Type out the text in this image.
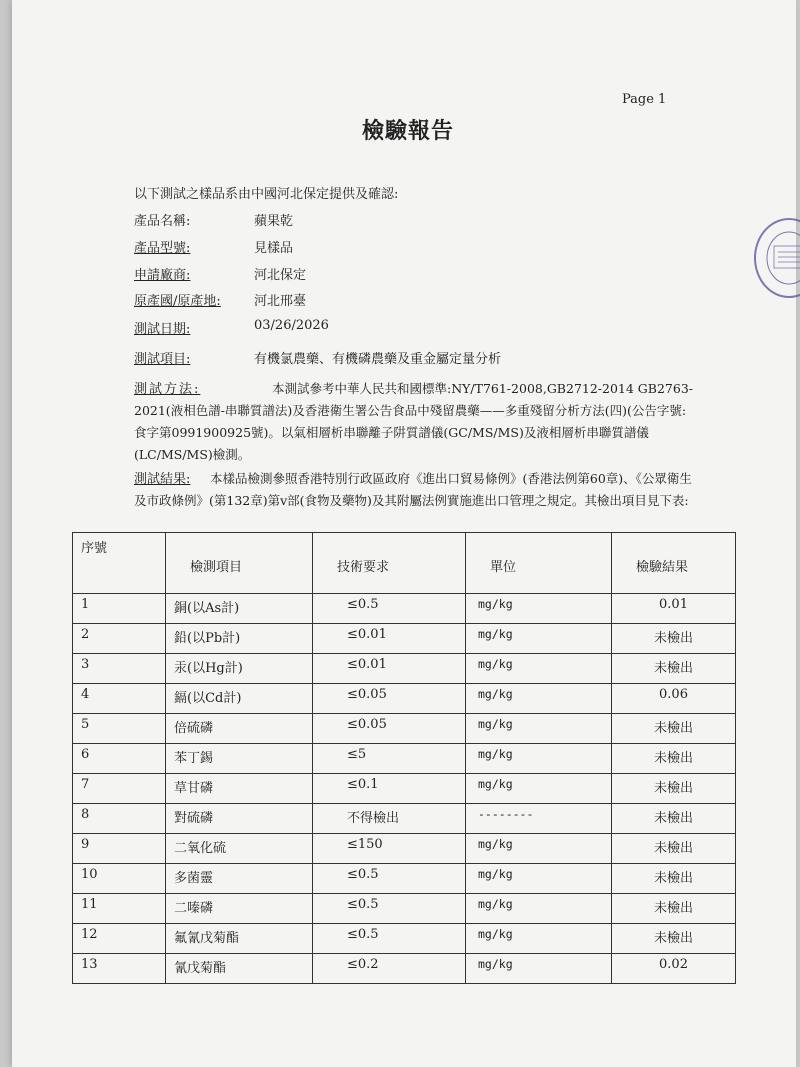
Page 1
檢驗報告
以下測試之樣品系由中國河北保定提供及確認:
產品名稱:	蘋果乾
產品型號:	見樣品
申請廠商:	河北保定
原產國/原產地:	河北邢臺
測試日期:	03/26/2026
測試項目:	有機氯農藥、有機磷農藥及重金屬定量分析
測試方法:	本測試參考中華人民共和國標準:NY/T761-2008,GB2712-2014 GB2763-2021(液相色譜-串聯質譜法)及香港衛生署公告食品中殘留農藥——多重殘留分析方法(四)(公告字號:食字第0991900925號)。以氣相層析串聯離子阱質譜儀(GC/MS/MS)及液相層析串聯質譜儀(LC/MS/MS)檢測。
測試結果:	本樣品檢測參照香港特別行政區政府《進出口貿易條例》(香港法例第60章)、《公眾衛生及市政條例》(第132章)第v部(食物及藥物)及其附屬法例實施進出口管理之規定。其檢出項目見下表:
序號	檢測項目	技術要求	單位	檢驗結果
1	銅(以As計)	≤0.5	mg/kg	0.01
2	鉛(以Pb計)	≤0.01	mg/kg	未檢出
3	汞(以Hg計)	≤0.01	mg/kg	未檢出
4	鎘(以Cd計)	≤0.05	mg/kg	0.06
5	倍硫磷	≤0.05	mg/kg	未檢出
6	苯丁錫	≤5	mg/kg	未檢出
7	草甘磷	≤0.1	mg/kg	未檢出
8	對硫磷	不得檢出	--------	未檢出
9	二氧化硫	≤150	mg/kg	未檢出
10	多菌靈	≤0.5	mg/kg	未檢出
11	二嗪磷	≤0.5	mg/kg	未檢出
12	氟氰戊菊酯	≤0.5	mg/kg	未檢出
13	氰戊菊酯	≤0.2	mg/kg	0.02
